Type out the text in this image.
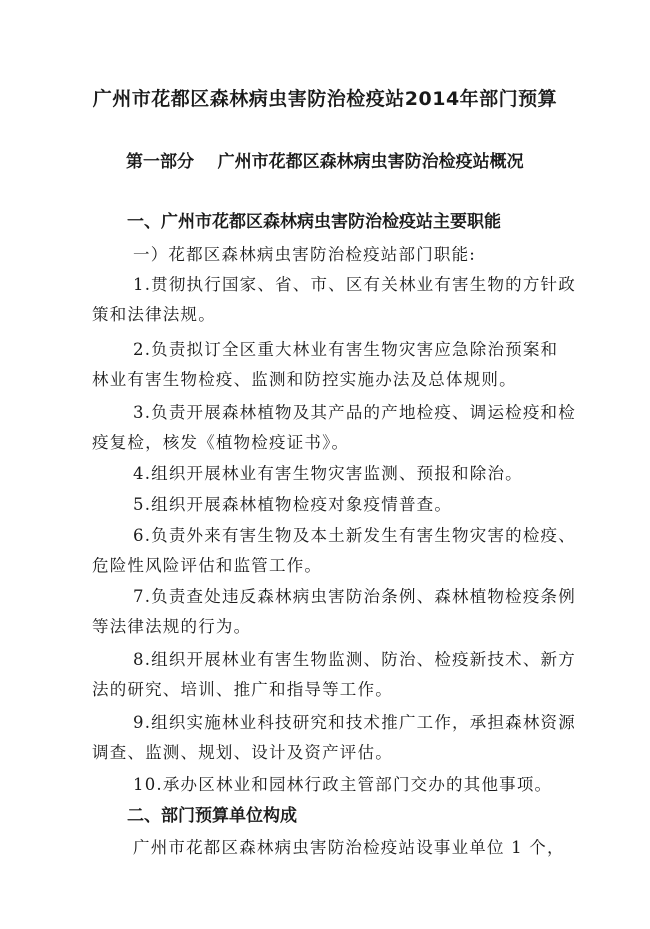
广州市花都区森林病虫害防治检疫站2014年部门预算
第一部分    广州市花都区森林病虫害防治检疫站概况
一、广州市花都区森林病虫害防治检疫站主要职能
一）花都区森林病虫害防治检疫站部门职能:
1.贯彻执行国家、省、市、区有关林业有害生物的方针政
策和法律法规。
2.负责拟订全区重大林业有害生物灾害应急除治预案和
林业有害生物检疫、监测和防控实施办法及总体规则。
3.负责开展森林植物及其产品的产地检疫、调运检疫和检
疫复检，核发《植物检疫证书》。
4.组织开展林业有害生物灾害监测、预报和除治。
5.组织开展森林植物检疫对象疫情普查。
6.负责外来有害生物及本土新发生有害生物灾害的检疫、
危险性风险评估和监管工作。
7.负责查处违反森林病虫害防治条例、森林植物检疫条例
等法律法规的行为。
8.组织开展林业有害生物监测、防治、检疫新技术、新方
法的研究、培训、推广和指导等工作。
9.组织实施林业科技研究和技术推广工作，承担森林资源
调查、监测、规划、设计及资产评估。
10.承办区林业和园林行政主管部门交办的其他事项。
二、部门预算单位构成
广州市花都区森林病虫害防治检疫站设事业单位 1 个，
